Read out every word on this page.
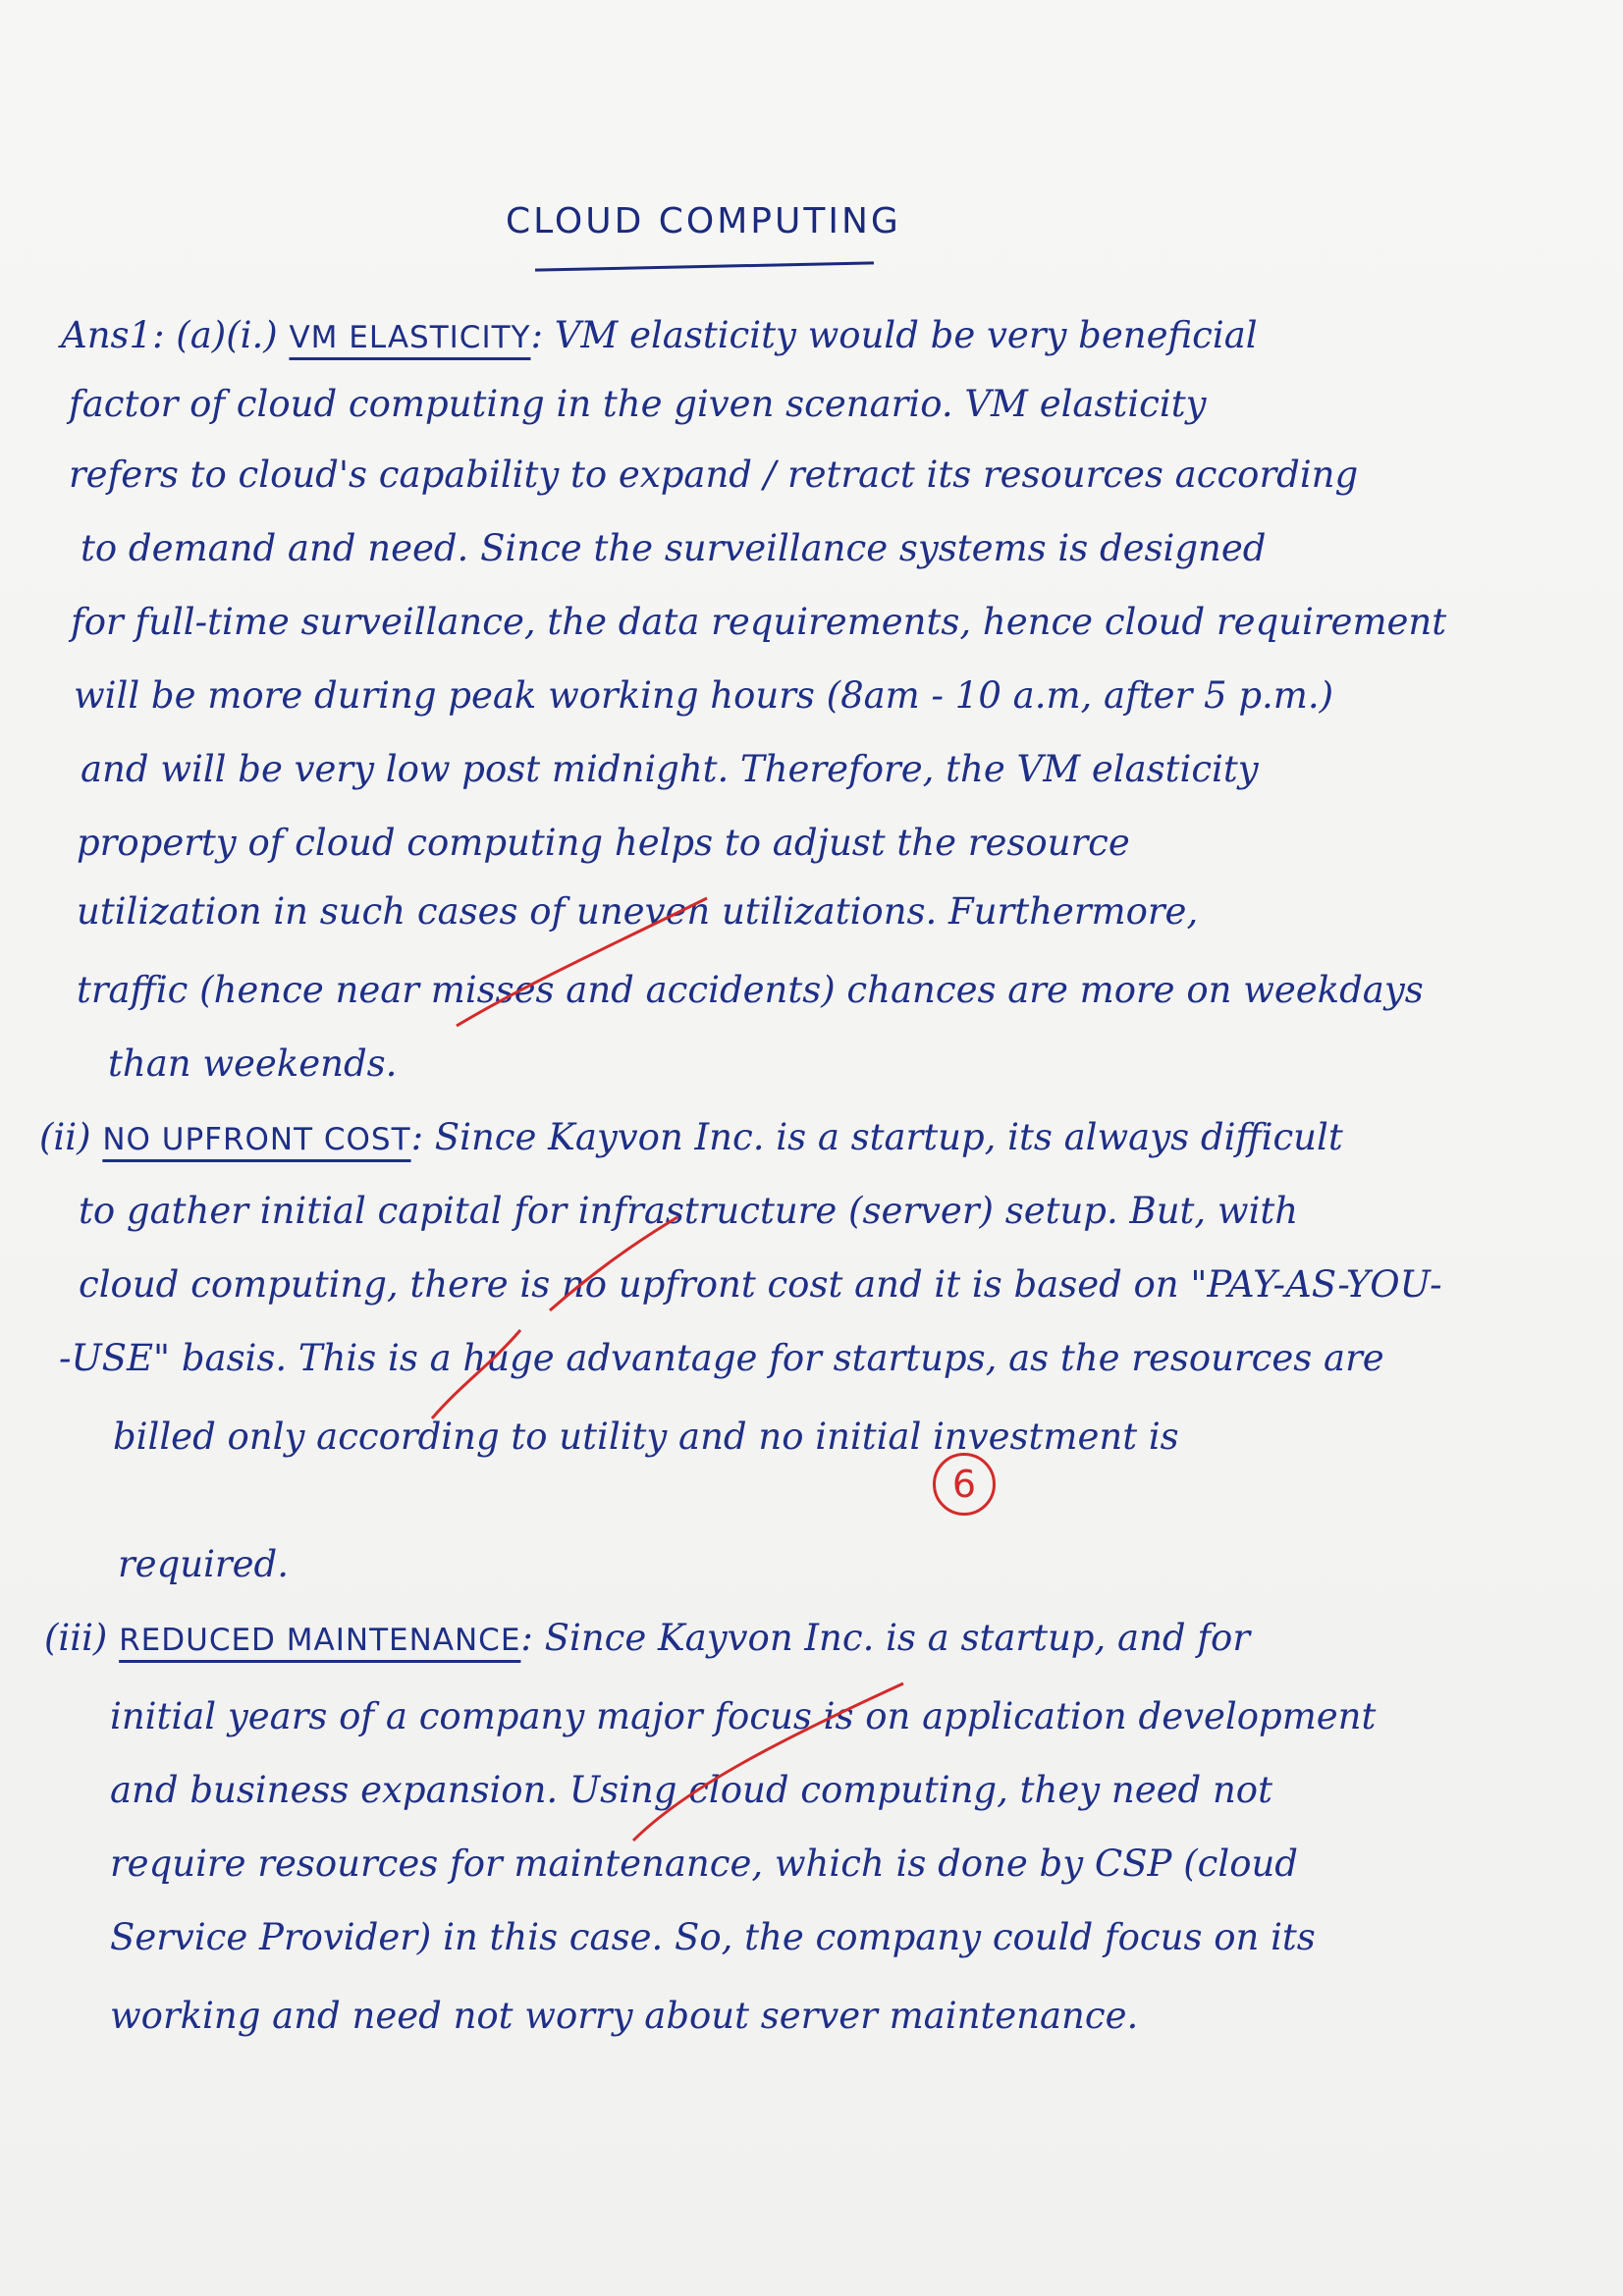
CLOUD COMPUTING
Ans1: (a)(i.) VM ELASTICITY: VM elasticity would be very beneficial
factor of cloud computing in the given scenario. VM elasticity
refers to cloud's capability to expand / retract its resources according
to demand and need. Since the surveillance systems is designed
for full-time surveillance, the data requirements, hence cloud requirement
will be more during peak working hours (8am - 10 a.m, after 5 p.m.)
and will be very low post midnight. Therefore, the VM elasticity
property of cloud computing helps to adjust the resource
utilization in such cases of uneven utilizations. Furthermore,
traffic (hence near misses and accidents) chances are more on weekdays
than weekends.
(ii) NO UPFRONT COST: Since Kayvon Inc. is a startup, its always difficult
to gather initial capital for infrastructure (server) setup. But, with
cloud computing, there is no upfront cost and it is based on "PAY-AS-YOU-
-USE" basis. This is a huge advantage for startups, as the resources are
billed only according to utility and no initial investment is
required.
6
(iii) REDUCED MAINTENANCE: Since Kayvon Inc. is a startup, and for
initial years of a company major focus is on application development
and business expansion. Using cloud computing, they need not
require resources for maintenance, which is done by CSP (cloud
Service Provider) in this case. So, the company could focus on its
working and need not worry about server maintenance.
